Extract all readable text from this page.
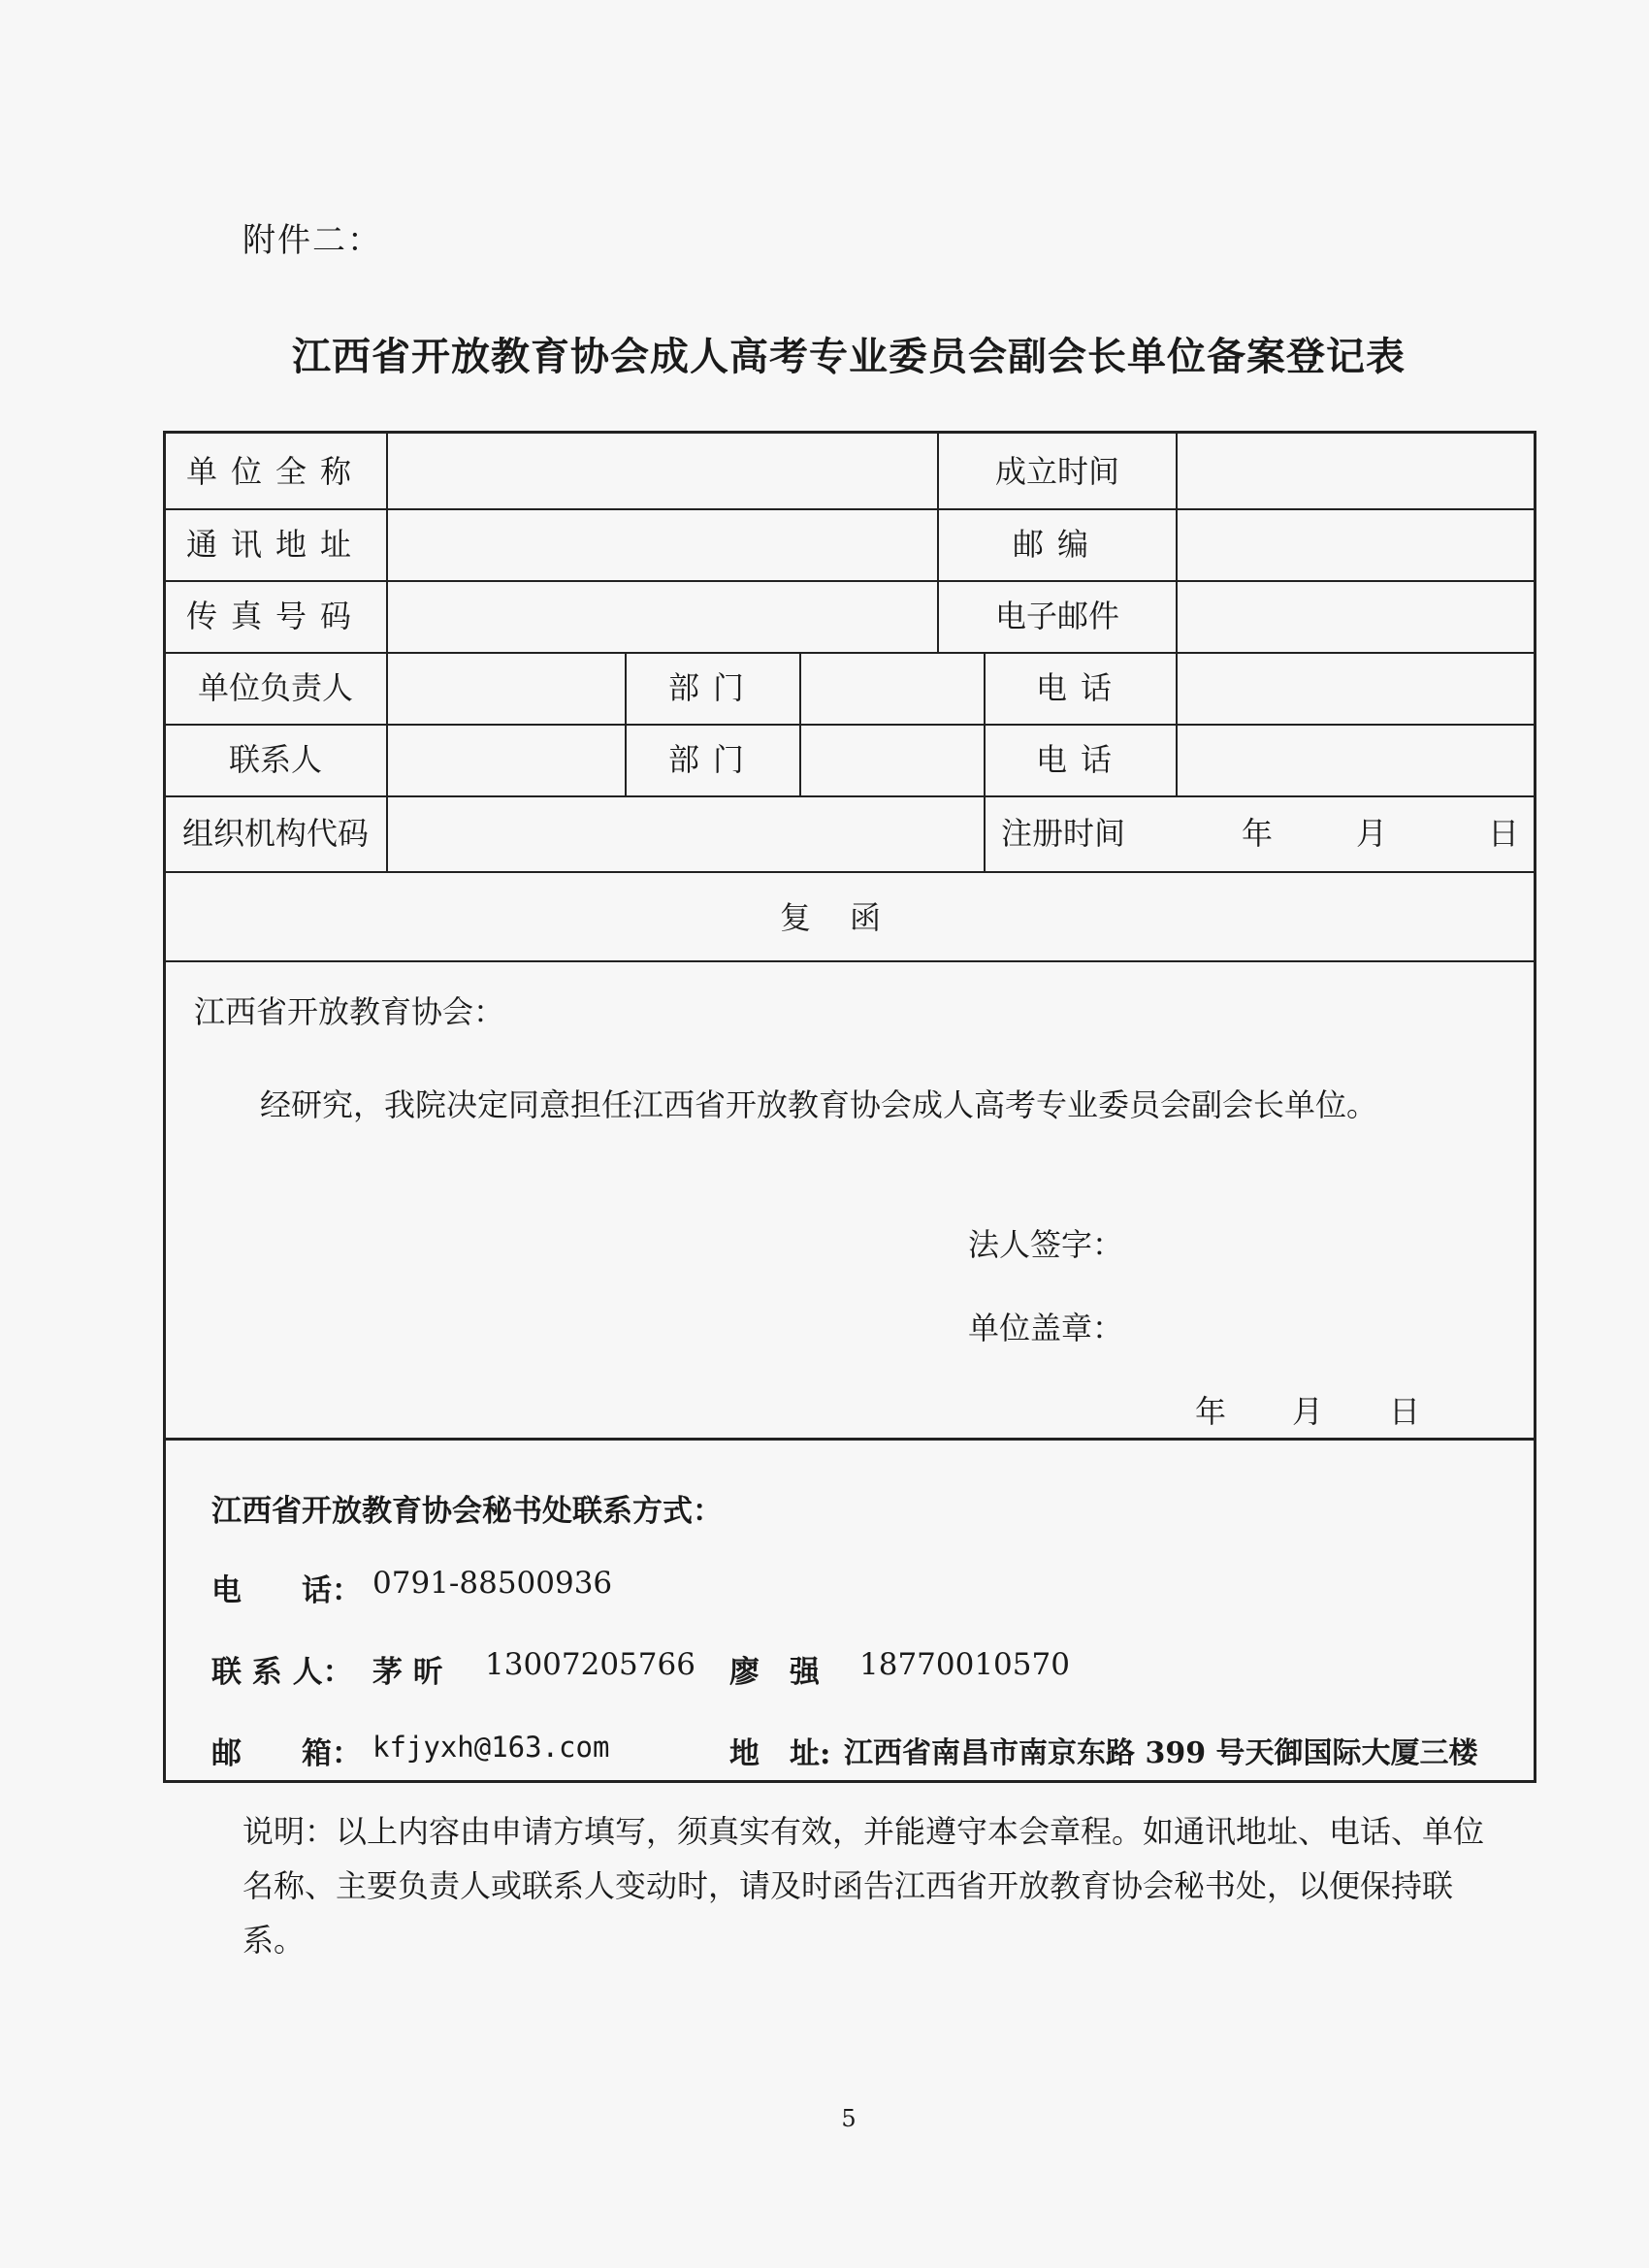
附件二：
江西省开放教育协会成人高考专业委员会副会长单位备案登记表
单位全称	成立时间
通讯地址	邮编
传真号码	电子邮件
单位负责人	部门	电话
联系人	部门	电话
组织机构代码	注册时间	年	月	日
复函
江西省开放教育协会：
经研究，我院决定同意担任江西省开放教育协会成人高考专业委员会副会长单位。
法人签字：
单位盖章：
年 月 日
江西省开放教育协会秘书处联系方式：
电　　话： 0791-88500936
联 系 人： 茅 昕 13007205766 廖　强 18770010570
邮　　箱： kfjyxh@163.com	地　址: 江西省南昌市南京东路 399 号天御国际大厦三楼
说明：以上内容由申请方填写，须真实有效，并能遵守本会章程。如通讯地址、电话、单位名称、主要负责人或联系人变动时，请及时函告江西省开放教育协会秘书处，以便保持联系。
5
